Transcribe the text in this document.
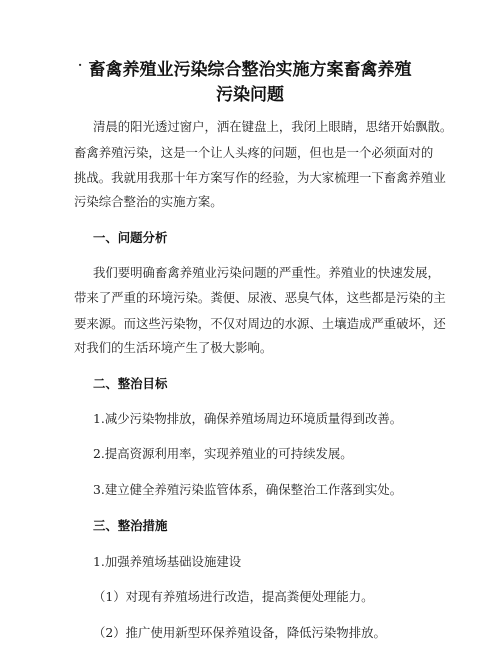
· 畜禽养殖业污染综合整治实施方案畜禽养殖
污染问题
清晨的阳光透过窗户，洒在键盘上，我闭上眼睛，思绪开始飘散。
畜禽养殖污染，这是一个让人头疼的问题，但也是一个必须面对的
挑战。我就用我那十年方案写作的经验，为大家梳理一下畜禽养殖业
污染综合整治的实施方案。
一、问题分析
我们要明确畜禽养殖业污染问题的严重性。养殖业的快速发展，
带来了严重的环境污染。粪便、尿液、恶臭气体，这些都是污染的主
要来源。而这些污染物，不仅对周边的水源、土壤造成严重破坏，还
对我们的生活环境产生了极大影响。
二、整治目标
1.减少污染物排放，确保养殖场周边环境质量得到改善。
2.提高资源利用率，实现养殖业的可持续发展。
3.建立健全养殖污染监管体系，确保整治工作落到实处。
三、整治措施
1.加强养殖场基础设施建设
（1）对现有养殖场进行改造，提高粪便处理能力。
（2）推广使用新型环保养殖设备，降低污染物排放。
